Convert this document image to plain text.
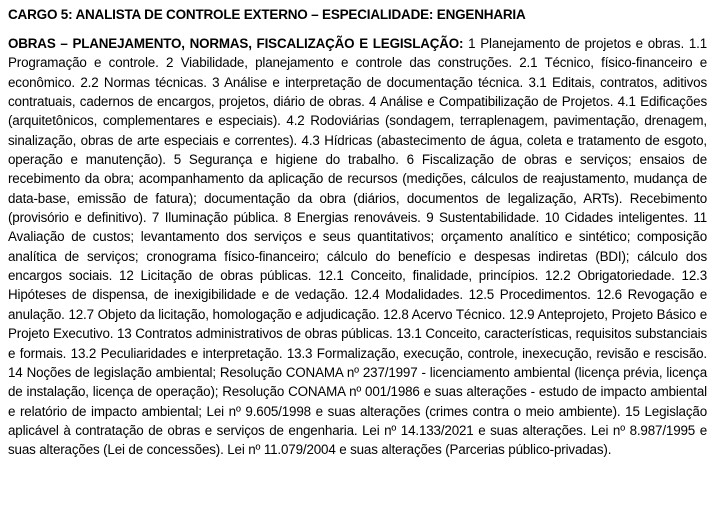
CARGO 5: ANALISTA DE CONTROLE EXTERNO – ESPECIALIDADE: ENGENHARIA

OBRAS – PLANEJAMENTO, NORMAS, FISCALIZAÇÃO E LEGISLAÇÃO: 1 Planejamento de projetos e obras. 1.1 Programação e controle. 2 Viabilidade, planejamento e controle das construções. 2.1 Técnico, físico-financeiro e econômico. 2.2 Normas técnicas. 3 Análise e interpretação de documentação técnica. 3.1 Editais, contratos, aditivos contratuais, cadernos de encargos, projetos, diário de obras. 4 Análise e Compatibilização de Projetos. 4.1 Edificações (arquitetônicos, complementares e especiais). 4.2 Rodoviárias (sondagem, terraplenagem, pavimentação, drenagem, sinalização, obras de arte especiais e correntes). 4.3 Hídricas (abastecimento de água, coleta e tratamento de esgoto, operação e manutenção). 5 Segurança e higiene do trabalho. 6 Fiscalização de obras e serviços; ensaios de recebimento da obra; acompanhamento da aplicação de recursos (medições, cálculos de reajustamento, mudança de data-base, emissão de fatura); documentação da obra (diários, documentos de legalização, ARTs). Recebimento (provisório e definitivo). 7 Iluminação pública. 8 Energias renováveis. 9 Sustentabilidade. 10 Cidades inteligentes. 11 Avaliação de custos; levantamento dos serviços e seus quantitativos; orçamento analítico e sintético; composição analítica de serviços; cronograma físico-financeiro; cálculo do benefício e despesas indiretas (BDI); cálculo dos encargos sociais. 12 Licitação de obras públicas. 12.1 Conceito, finalidade, princípios. 12.2 Obrigatoriedade. 12.3 Hipóteses de dispensa, de inexigibilidade e de vedação. 12.4 Modalidades. 12.5 Procedimentos. 12.6 Revogação e anulação. 12.7 Objeto da licitação, homologação e adjudicação. 12.8 Acervo Técnico. 12.9 Anteprojeto, Projeto Básico e Projeto Executivo. 13 Contratos administrativos de obras públicas. 13.1 Conceito, características, requisitos substanciais e formais. 13.2 Peculiaridades e interpretação. 13.3 Formalização, execução, controle, inexecução, revisão e rescisão. 14 Noções de legislação ambiental; Resolução CONAMA nº 237/1997 - licenciamento ambiental (licença prévia, licença de instalação, licença de operação); Resolução CONAMA nº 001/1986 e suas alterações - estudo de impacto ambiental e relatório de impacto ambiental; Lei nº 9.605/1998 e suas alterações (crimes contra o meio ambiente). 15 Legislação aplicável à contratação de obras e serviços de engenharia. Lei nº 14.133/2021 e suas alterações. Lei nº 8.987/1995 e suas alterações (Lei de concessões). Lei nº 11.079/2004 e suas alterações (Parcerias público-privadas).
